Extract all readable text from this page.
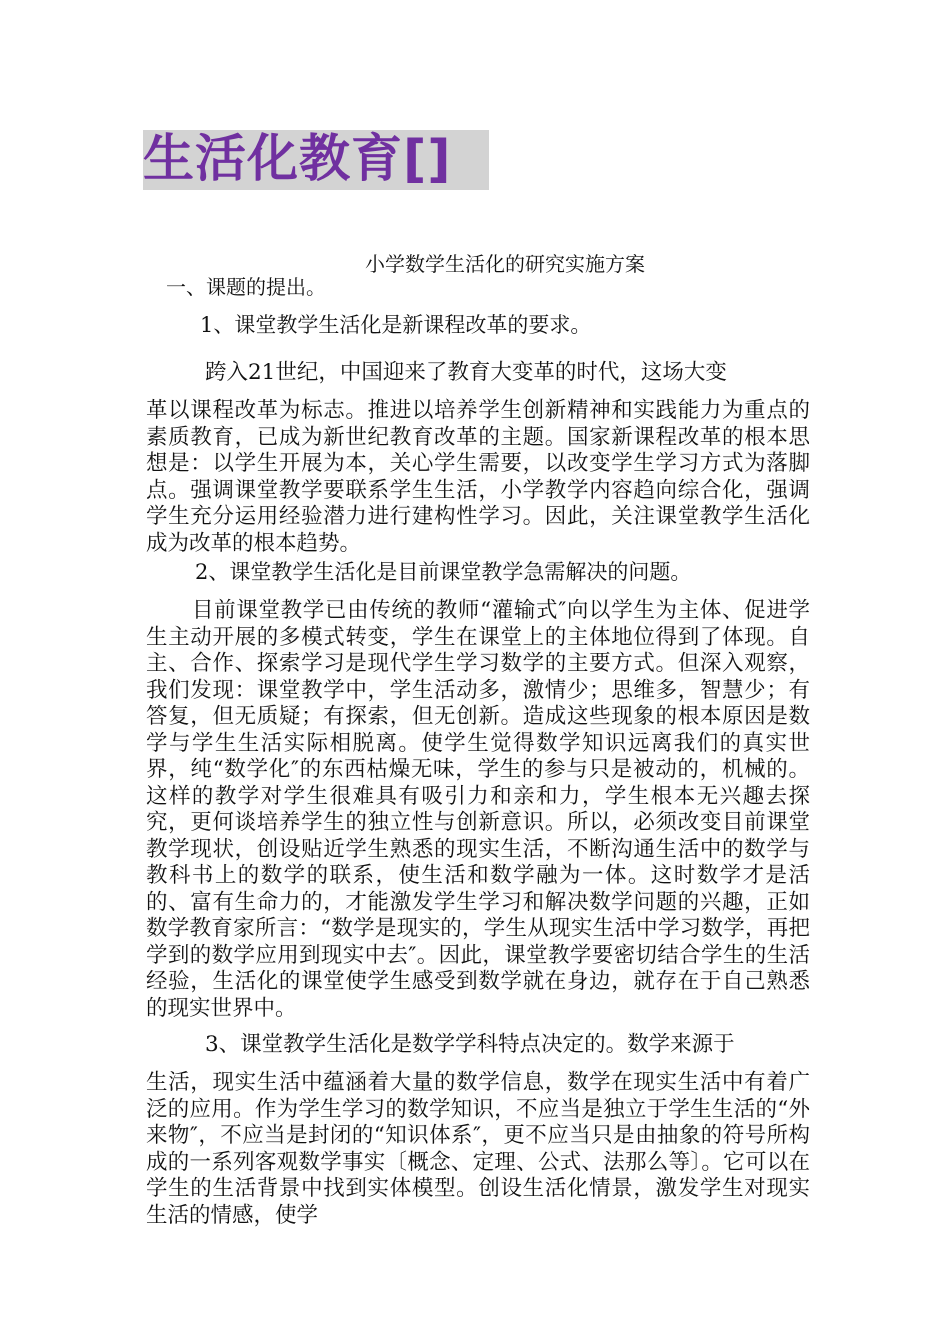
生活化教育[]
小学数学生活化的研究实施方案
一、课题的提出。
1、课堂教学生活化是新课程改革的要求。
跨入21世纪，中国迎来了教育大变革的时代，这场大变
革以课程改革为标志。推进以培养学生创新精神和实践能力为重点的素质教育，已成为新世纪教育改革的主题。国家新课程改革的根本思想是：以学生开展为本，关心学生需要，以改变学生学习方式为落脚点。强调课堂教学要联系学生生活，小学教学内容趋向综合化，强调学生充分运用经验潜力进行建构性学习。因此，关注课堂教学生活化成为改革的根本趋势。
2、课堂教学生活化是目前课堂教学急需解决的问题。
目前课堂教学已由传统的教师“灌输式″向以学生为主体、促进学生主动开展的多模式转变，学生在课堂上的主体地位得到了体现。自主、合作、探索学习是现代学生学习数学的主要方式。但深入观察，我们发现：课堂教学中，学生活动多，激情少；思维多，智慧少；有答复，但无质疑；有探索，但无创新。造成这些现象的根本原因是数学与学生生活实际相脱离。使学生觉得数学知识远离我们的真实世界，纯“数学化″的东西枯燥无味，学生的参与只是被动的，机械的。这样的教学对学生很难具有吸引力和亲和力，学生根本无兴趣去探究，更何谈培养学生的独立性与创新意识。所以，必须改变目前课堂教学现状，创设贴近学生熟悉的现实生活，不断沟通生活中的数学与教科书上的数学的联系，使生活和数学融为一体。这时数学才是活的、富有生命力的，才能激发学生学习和解决数学问题的兴趣，正如数学教育家所言：“数学是现实的，学生从现实生活中学习数学，再把学到的数学应用到现实中去″。因此，课堂教学要密切结合学生的生活经验，生活化的课堂使学生感受到数学就在身边，就存在于自己熟悉的现实世界中。
3、课堂教学生活化是数学学科特点决定的。数学来源于
生活，现实生活中蕴涵着大量的数学信息，数学在现实生活中有着广泛的应用。作为学生学习的数学知识，不应当是独立于学生生活的“外来物″，不应当是封闭的“知识体系″，更不应当只是由抽象的符号所构成的一系列客观数学事实〔概念、定理、公式、法那么等〕。它可以在学生的生活背景中找到实体模型。创设生活化情景，激发学生对现实生活的情感，使学
